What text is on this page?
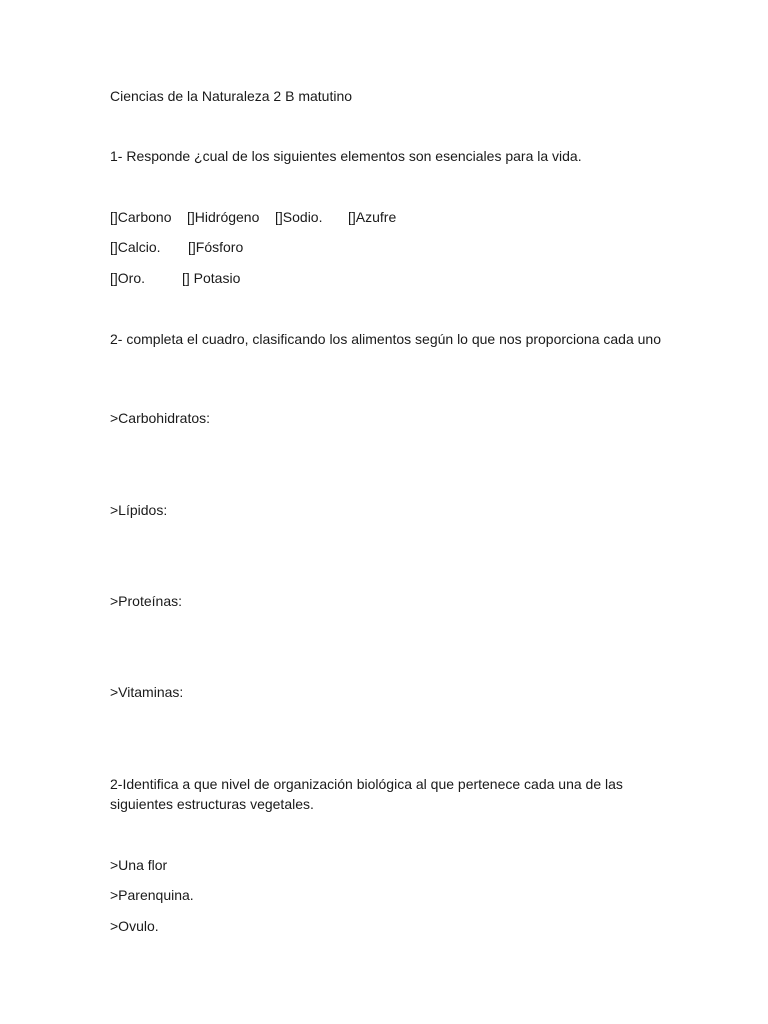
Ciencias de la Naturaleza 2 B matutino
1- Responde ¿cual de los siguientes elementos son esenciales para la vida.

[]Carbono

[]Hidrógeno

[]Sodio.

[]Azufre

[]Calcio.

[]Fósforo

[]Oro.

	[] Potasio

2- completa el cuadro, clasificando los alimentos según lo que nos proporciona cada uno
>Carbohidratos:
>Lípidos:
>Proteínas:
>Vitaminas:
2-Identifica a que nivel de organización biológica al que pertenece cada una de las siguientes estructuras vegetales.
>Una flor
>Parenquina.
>Ovulo.
